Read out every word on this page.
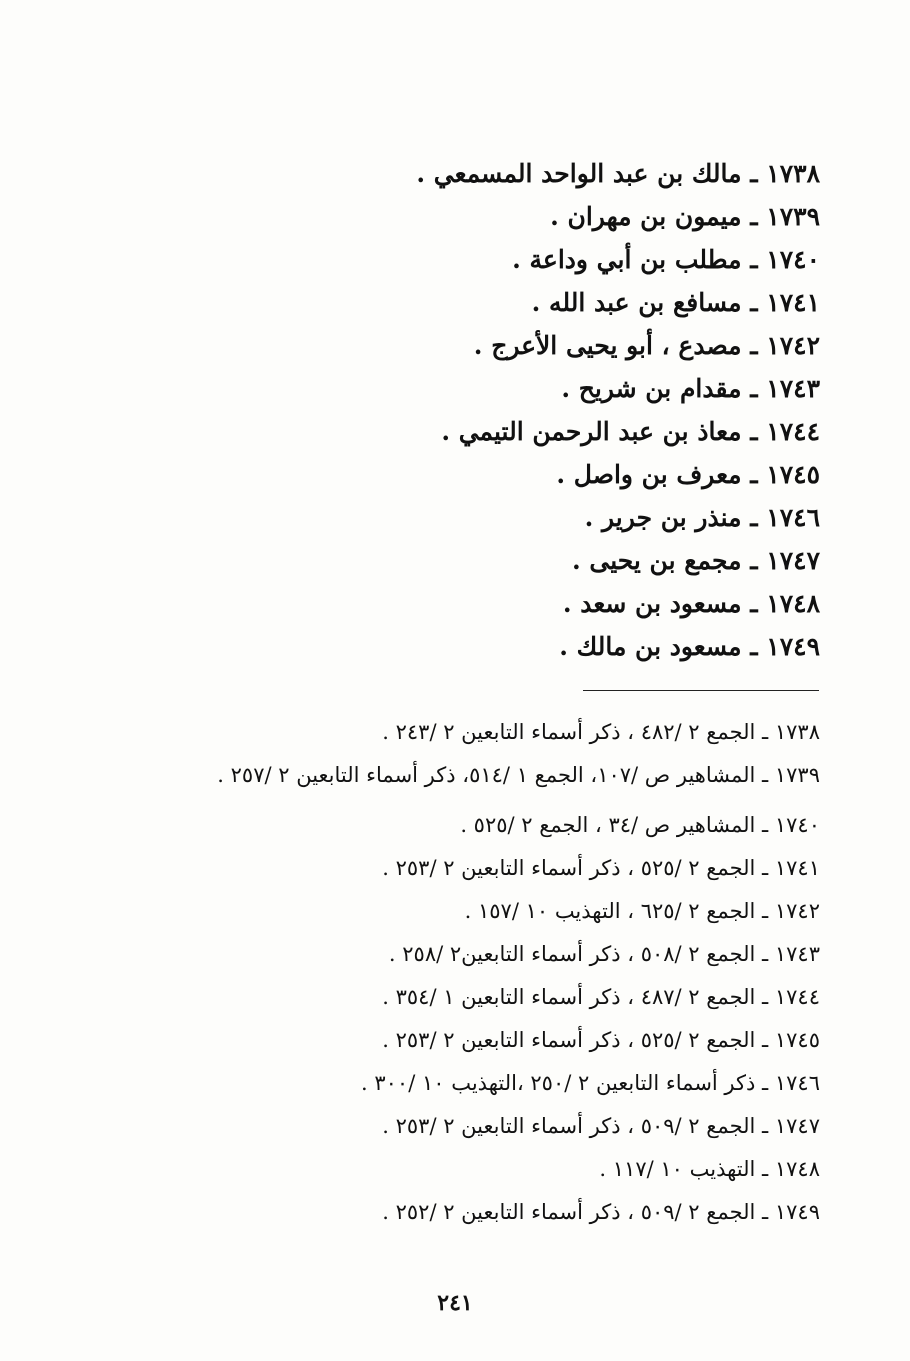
١٧٣٨ ـ مالك بن عبد الواحد المسمعي .
١٧٣٩ ـ ميمون بن مهران .
١٧٤٠ ـ مطلب بن أبي وداعة .
١٧٤١ ـ مسافع بن عبد الله .
١٧٤٢ ـ مصدع ، أبو يحيى الأعرج .
١٧٤٣ ـ مقدام بن شريح .
١٧٤٤ ـ معاذ بن عبد الرحمن التيمي .
١٧٤٥ ـ معرف بن واصل .
١٧٤٦ ـ منذر بن جرير .
١٧٤٧ ـ مجمع بن يحيى .
١٧٤٨ ـ مسعود بن سعد .
١٧٤٩ ـ مسعود بن مالك .
١٧٣٨ ـ الجمع ٢ /٤٨٢ ، ذكر أسماء التابعين ٢ /٢٤٣ .
١٧٣٩ ـ المشاهير ص /١٠٧، الجمع ١ /٥١٤، ذكر أسماء التابعين ٢ /٢٥٧ .
١٧٤٠ ـ المشاهير ص /٣٤ ، الجمع ٢ /٥٢٥ .
١٧٤١ ـ الجمع ٢ /٥٢٥ ، ذكر أسماء التابعين ٢ /٢٥٣ .
١٧٤٢ ـ الجمع ٢ /٦٢٥ ، التهذيب ١٠ /١٥٧ .
١٧٤٣ ـ الجمع ٢ /٥٠٨ ، ذكر أسماء التابعين٢ /٢٥٨ .
١٧٤٤ ـ الجمع ٢ /٤٨٧ ، ذكر أسماء التابعين ١ /٣٥٤ .
١٧٤٥ ـ الجمع ٢ /٥٢٥ ، ذكر أسماء التابعين ٢ /٢٥٣ .
١٧٤٦ ـ ذكر أسماء التابعين ٢ /٢٥٠ ،التهذيب ١٠ /٣٠٠ .
١٧٤٧ ـ الجمع ٢ /٥٠٩ ، ذكر أسماء التابعين ٢ /٢٥٣ .
١٧٤٨ ـ التهذيب ١٠ /١١٧ .
١٧٤٩ ـ الجمع ٢ /٥٠٩ ، ذكر أسماء التابعين ٢ /٢٥٢ .
٢٤١
